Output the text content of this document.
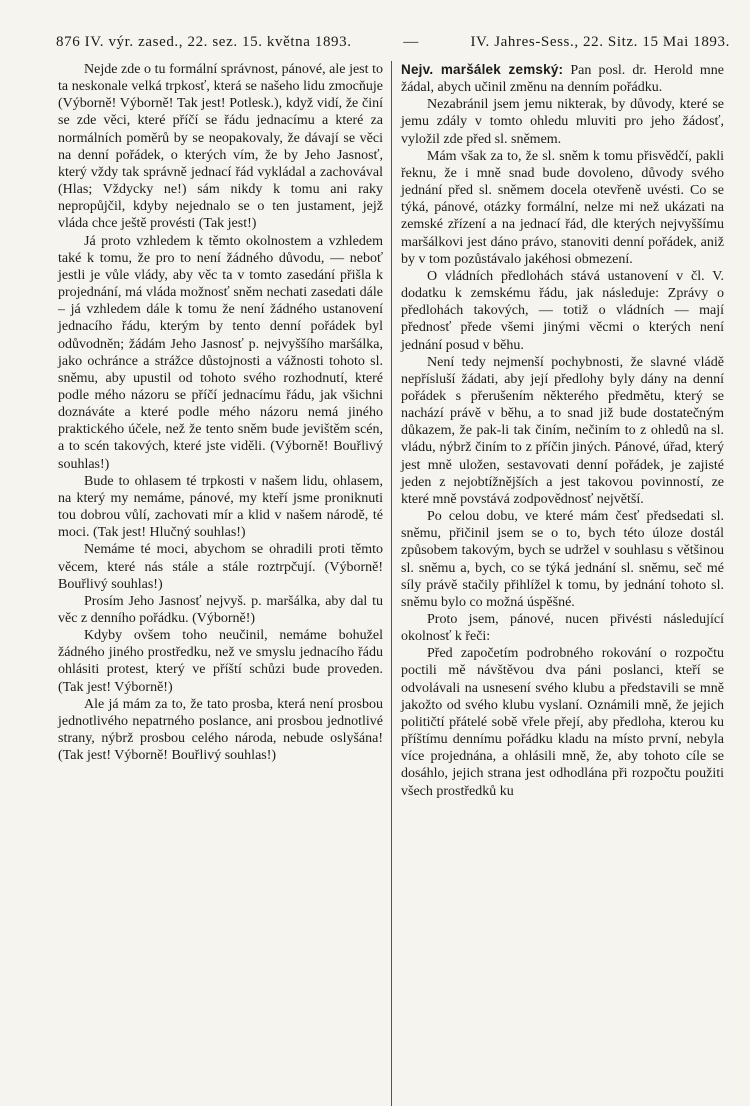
876 IV. výr. zased., 22. sez. 15. května 1893.	—	IV. Jahres-Sess., 22. Sitz. 15 Mai 1893.

Nejde zde o tu formální správnost, pánové, ale jest to ta neskonale velká trpkosť, která se našeho lidu zmocňuje (Výborně! Výborně! Tak jest! Potlesk.), když vidí, že činí se zde věci, které příčí se řádu jednacímu a které za normálních poměrů by se neopakovaly, že dávají se věci na denní pořádek, o kterých vím, že by Jeho Jasnosť, který vždy tak správně jednací řád vykládal a zachovával (Hlas; Vždycky ne!) sám nikdy k tomu ani raky nepropůjčil, kdyby nejednalo se o ten justament, jejž vláda chce ještě provésti (Tak jest!)

Já proto vzhledem k těmto okolnostem a vzhledem také k tomu, že pro to není žádného důvodu, — neboť jestli je vůle vlády, aby věc ta v tomto zasedání přišla k projednání, má vláda možnosť sněm nechati zasedati dále – já vzhledem dále k tomu že není žádného ustanovení jednacího řádu, kterým by tento denní pořádek byl odůvodněn; žádám Jeho Jasnosť p. nejvyššího maršálka, jako ochránce a strážce důstojnosti a vážnosti tohoto sl. sněmu, aby upustil od tohoto svého rozhodnutí, které podle mého názoru se příčí jednacímu řádu, jak všichni doznáváte a které podle mého názoru nemá jiného praktického účele, než že tento sněm bude jevištěm scén, a to scén takových, které jste viděli. (Výborně! Bouřlivý souhlas!)

Bude to ohlasem té trpkosti v našem lidu, ohlasem, na který my nemáme, pánové, my kteří jsme proniknuti tou dobrou vůlí, zachovati mír a klid v našem národě, té moci. (Tak jest! Hlučný souhlas!)

Nemáme té moci, abychom se ohradili proti těmto věcem, které nás stále a stále roztrpčují. (Výborně! Bouřlivý souhlas!)

Prosím Jeho Jasnosť nejvyš. p. maršálka, aby dal tu věc z denního pořádku. (Výborně!)

Kdyby ovšem toho neučinil, nemáme bohužel žádného jiného prostředku, než ve smyslu jednacího řádu ohlásiti protest, který ve příští schůzi bude proveden. (Tak jest! Výborně!)

Ale já mám za to, že tato prosba, která není prosbou jednotlivého nepatrného poslance, ani prosbou jednotlivé strany, nýbrž prosbou celého národa, nebude oslyšána! (Tak jest! Výborně! Bouřlivý souhlas!)

Nejv. maršálek zemský: Pan posl. dr. Herold mne žádal, abych učinil změnu na denním pořádku.

Nezabránil jsem jemu nikterak, by důvody, které se jemu zdály v tomto ohledu mluviti pro jeho žádosť, vyložil zde před sl. sněmem.

Mám však za to, že sl. sněm k tomu přisvědčí, pakli řeknu, že i mně snad bude dovoleno, důvody svého jednání před sl. sněmem docela otevřeně uvésti. Co se týká, pánové, otázky formální, nelze mi než ukázati na zemské zřízení a na jednací řád, dle kterých nejvyššímu maršálkovi jest dáno právo, stanoviti denní pořádek, aniž by v tom pozůstávalo jakéhosi obmezení.

O vládních předlohách stává ustanovení v čl. V. dodatku k zemskému řádu, jak následuje: Zprávy o předlohách takových, — totiž o vládních — mají přednosť přede všemi jinými věcmi o kterých není jednání posud v běhu.

Není tedy nejmenší pochybnosti, že slavné vládě nepřísluší žádati, aby její předlohy byly dány na denní pořádek s přerušením některého předmětu, který se nachází právě v běhu, a to snad již bude dostatečným důkazem, že pak-li tak činím, nečiním to z ohledů na sl. vládu, nýbrž činím to z příčin jiných. Pánové, úřad, který jest mně uložen, sestavovati denní pořádek, je zajisté jeden z nejobtížnějších a jest takovou povinností, ze které mně povstává zodpovědnosť největší.

Po celou dobu, ve které mám česť předsedati sl. sněmu, přičinil jsem se o to, bych této úloze dostál způsobem takovým, bych se udržel v souhlasu s většinou sl. sněmu a, bych, co se týká jednání sl. sněmu, seč mé síly právě stačily přihlížel k tomu, by jednání tohoto sl. sněmu bylo co možná úspěšné.

Proto jsem, pánové, nucen přivésti následující okolnosť k řeči:

Před započetím podrobného rokování o rozpočtu poctili mě návštěvou dva páni poslanci, kteří se odvolávali na usnesení svého klubu a představili se mně jakožto od svého klubu vyslaní. Oznámili mně, že jejich političtí přátelé sobě vřele přejí, aby předloha, kterou ku příštímu dennímu pořádku kladu na místo první, nebyla více projednána, a ohlásili mně, že, aby tohoto cíle se dosáhlo, jejich strana jest odhodlána při rozpočtu použiti všech prostředků ku
